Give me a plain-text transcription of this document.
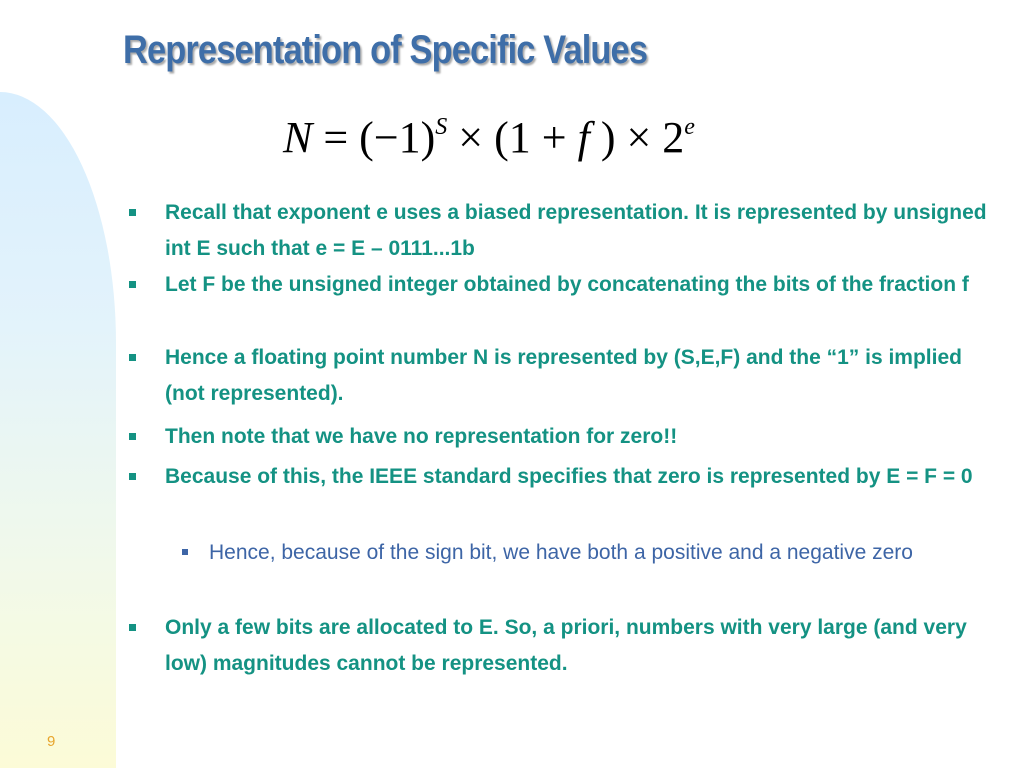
Representation of Specific Values
$N = (-1)^S \times (1 + f$ ) × $2^e$
Recall that exponent e uses a biased representation. It is represented by unsigned int E such that e = E – 0111...1b
Let F be the unsigned integer obtained by concatenating the bits of the fraction f
Hence a floating point number N is represented by (S,E,F) and the “1” is implied (not represented).
Then note that we have no representation for zero!!
Because of this, the IEEE standard specifies that zero is represented by E = F = 0
Hence, because of the sign bit, we have both a positive and a negative zero
Only a few bits are allocated to E. So, a priori, numbers with very large (and very low) magnitudes cannot be represented.
9
